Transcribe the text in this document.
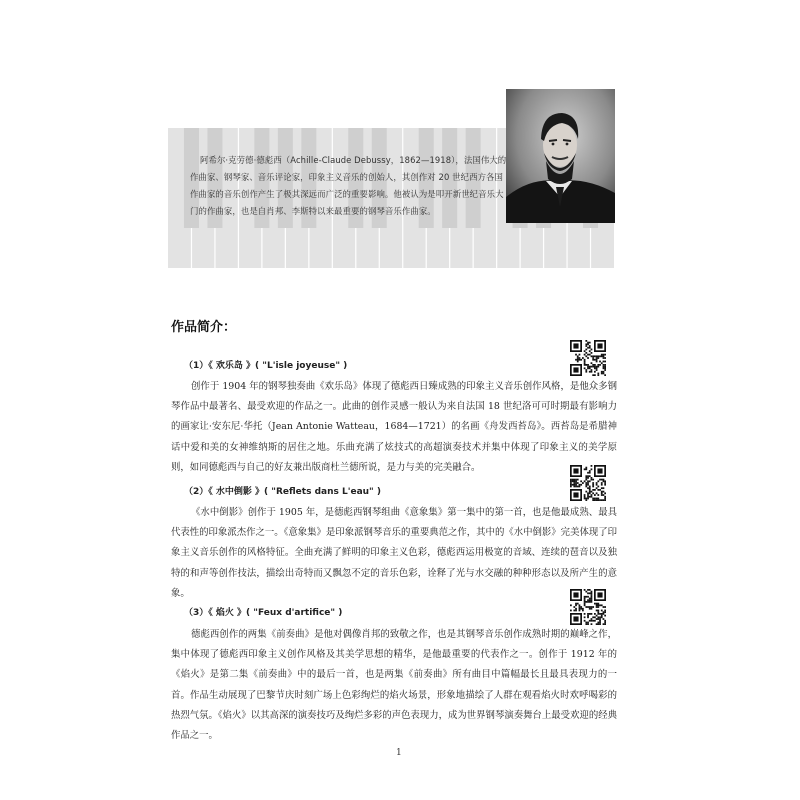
阿希尔·克劳德·德彪西（Achille-Claude Debussy，1862—1918），法国伟大的作曲家、钢琴家、音乐评论家，印象主义音乐的创始人，其创作对 20 世纪西方各国作曲家的音乐创作产生了极其深远而广泛的重要影响。他被认为是叩开新世纪音乐大门的作曲家，也是自肖邦、李斯特以来最重要的钢琴音乐作曲家。

作品简介：
（1）《 欢乐岛 》( "L'isle joyeuse" )

创作于 1904 年的钢琴独奏曲《欢乐岛》体现了德彪西日臻成熟的印象主义音乐创作风格，是他众多钢琴作品中最著名、最受欢迎的作品之一。此曲的创作灵感一般认为来自法国 18 世纪洛可可时期最有影响力的画家让·安东尼·华托（Jean Antonie Watteau，1684—1721）的名画《舟发西苔岛》。西苔岛是希腊神话中爱和美的女神维纳斯的居住之地。乐曲充满了炫技式的高超演奏技术并集中体现了印象主义的美学原则，如同德彪西与自己的好友兼出版商杜兰德所说，是力与美的完美融合。

（2）《 水中倒影 》( "Reflets dans L'eau" )

《水中倒影》创作于 1905 年，是德彪西钢琴组曲《意象集》第一集中的第一首，也是他最成熟、最具代表性的印象派杰作之一。《意象集》是印象派钢琴音乐的重要典范之作，其中的《水中倒影》完美体现了印象主义音乐创作的风格特征。全曲充满了鲜明的印象主义色彩，德彪西运用极宽的音域、连续的琶音以及独特的和声等创作技法，描绘出奇特而又飘忽不定的音乐色彩，诠释了光与水交融的种种形态以及所产生的意象。

（3）《 焰火 》( "Feux d'artifice" )

德彪西创作的两集《前奏曲》是他对偶像肖邦的致敬之作，也是其钢琴音乐创作成熟时期的巅峰之作，集中体现了德彪西印象主义创作风格及其美学思想的精华，是他最重要的代表作之一。创作于 1912 年的《焰火》是第二集《前奏曲》中的最后一首，也是两集《前奏曲》所有曲目中篇幅最长且最具表现力的一首。作品生动展现了巴黎节庆时刻广场上色彩绚烂的焰火场景，形象地描绘了人群在观看焰火时欢呼喝彩的热烈气氛。《焰火》以其高深的演奏技巧及绚烂多彩的声色表现力，成为世界钢琴演奏舞台上最受欢迎的经典作品之一。

1
